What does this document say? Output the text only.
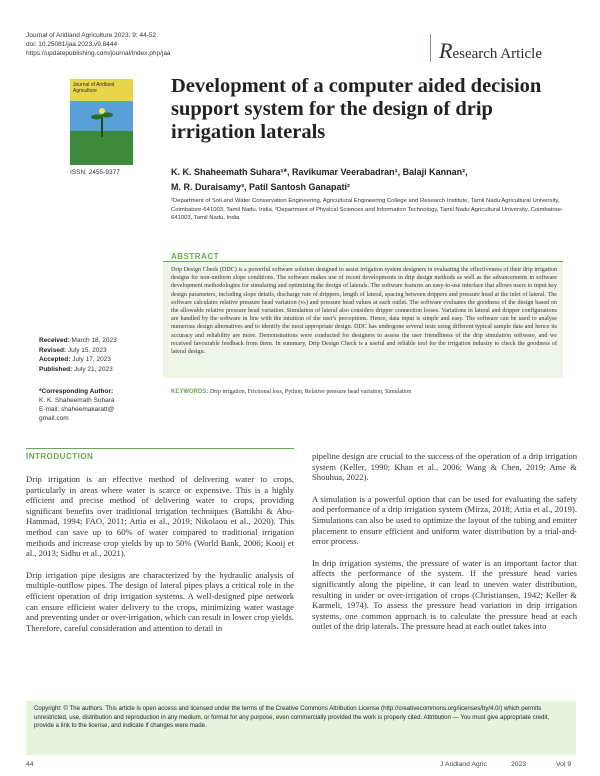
Journal of Aridland Agriculture 2023, 9: 44-52
doi: 10.25081/jaa.2023.v9.8444
https://updatepublishing.com/journal/index.php/jaa	Research Article
Journal of Aridland Agriculture
ISSN: 2455-9377
Development of a computer aided decision support system for the design of drip irrigation laterals
K. K. Shaheemath Suhara¹*, Ravikumar Veerabadran¹, Balaji Kannan²,
M. R. Duraisamy³, Patil Santosh Ganapati²
¹Department of Soil and Water Conservation Engineering, Agricultural Engineering College and Research Institute, Tamil Nadu Agricultural University, Coimbatore-641003, Tamil Nadu, India, ²Department of Physical Sciences and Information Technology, Tamil Nadu Agricultural University, Coimbatore-641003, Tamil Nadu, India
ABSTRACT
Drip Design Check (DDC) is a powerful software solution designed to assist irrigation system designers in evaluating the effectiveness of their drip irrigation designs for non-uniform slope conditions. The software makes use of recent developments in drip design methods as well as the advancements in software development methodologies for simulating and optimizing the design of laterals. The software features an easy-to-use interface that allows users to input key design parameters, including slope details, discharge rate of drippers, length of lateral, spacing between drippers and pressure head at the inlet of lateral. The software calculates relative pressure head variation (vₕ) and pressure head values at each outlet. The software evaluates the goodness of the design based on the allowable relative pressure head variation. Simulation of lateral also considers dripper connection losses. Variations in lateral and dripper configurations are handled by the software in line with the intuition of the user's perceptions. Hence, data input is simple and easy. The software can be used to analyse numerous design alternatives and to identify the most appropriate design. DDC has undergone several tests using different typical sample data and hence its accuracy and reliability are more. Demonstrations were conducted for designers to assess the user friendliness of the drip simulation software, and we received favourable feedback from them. In summary, Drip Design Check is a useful and reliable tool for the irrigation industry to check the goodness of lateral design.
KEYWORDS: Drip irrigation, Frictional loss, Python, Relative pressure head variation, Simulation
Received: March 18, 2023
Revised: July 15, 2023
Accepted: July 17, 2023
Published: July 21, 2023
*Corresponding Author:
K. K. Shaheemath Suhara
E-mail: shaheemakaratt@
gmail.com
INTRODUCTION

Drip irrigation is an effective method of delivering water to crops, particularly in areas where water is scarce or expensive. This is a highly efficient and precise method of delivering water to crops, providing significant benefits over traditional irrigation techniques (Battikhi & Abu-Hammad, 1994; FAO, 2011; Attia et al., 2019; Nikolaou et al., 2020). This method can save up to 60% of water compared to traditional irrigation methods and increase crop yields by up to 50% (World Bank, 2006; Kooij et al., 2013; Sidhu et al., 2021).

Drip irrigation pipe designs are characterized by the hydraulic analysis of multiple-outflow pipes. The design of lateral pipes plays a critical role in the efficient operation of drip irrigation systems. A well-designed pipe network can ensure efficient water delivery to the crops, minimizing water wastage and preventing under or over-irrigation, which can result in lower crop yields. Therefore, careful consideration and attention to detail in

pipeline design are crucial to the success of the operation of a drip irrigation system (Keller, 1990; Khan et al., 2006; Wang & Chen, 2019; Ame & Shouhua, 2022).

A simulation is a powerful option that can be used for evaluating the safety and performance of a drip irrigation system (Mirza, 2018; Attia et al., 2019). Simulations can also be used to optimize the layout of the tubing and emitter placement to ensure efficient and uniform water distribution by a trial-and-error process.

In drip irrigation systems, the pressure of water is an important factor that affects the performance of the system. If the pressure head varies significantly along the pipeline, it can lead to uneven water distribution, resulting in under or over-irrigation of crops (Christiansen, 1942; Keller & Karmeli, 1974). To assess the pressure head variation in drip irrigation systems, one common approach is to calculate the pressure head at each outlet of the drip laterals. The pressure head at each outlet takes into

Copyright: © The authors. This article is open access and licensed under the terms of the Creative Commons Attribution License (http://creativecommons.org/licenses/by/4.0/) which permits unrestricted, use, distribution and reproduction in any medium, or format for any purpose, even commercially provided the work is properly cited. Attribution — You must give appropriate credit, provide a link to the license, and indicate if changes were made.
44	J Aridland Agric	2023	Vol 9
